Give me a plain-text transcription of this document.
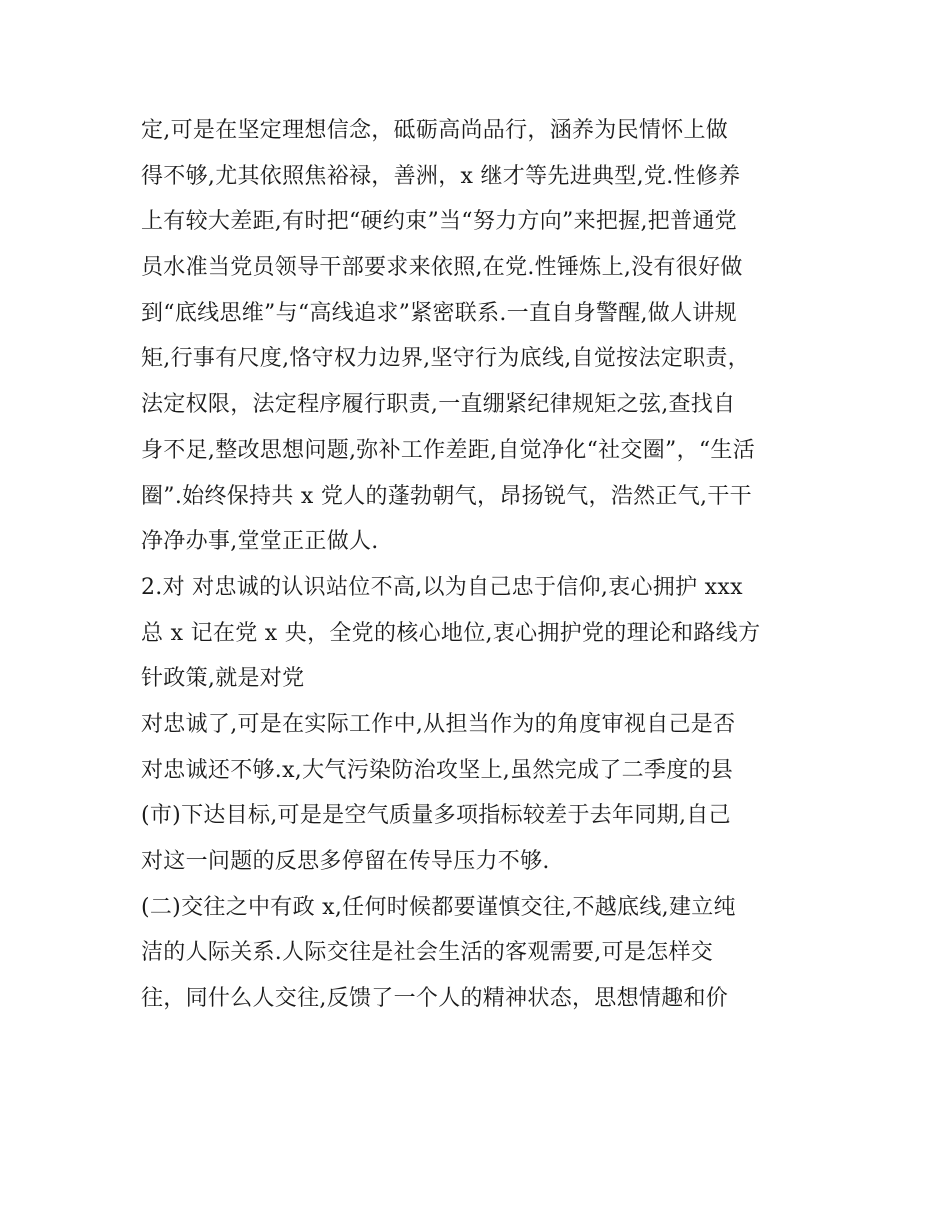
定,可是在坚定理想信念，砥砺高尚品行，涵养为民情怀上做
得不够,尤其依照焦裕禄，善洲，x 继才等先进典型,党.性修养
上有较大差距,有时把“硬约束”当“努力方向”来把握,把普通党
员水准当党员领导干部要求来依照,在党.性锤炼上,没有很好做
到“底线思维”与“高线追求”紧密联系.一直自身警醒,做人讲规
矩,行事有尺度,恪守权力边界,坚守行为底线,自觉按法定职责，
法定权限，法定程序履行职责,一直绷紧纪律规矩之弦,查找自
身不足,整改思想问题,弥补工作差距,自觉净化“社交圈”，“生活
圈”.始终保持共 x 党人的蓬勃朝气，昂扬锐气，浩然正气,干干
净净办事,堂堂正正做人.
2.对 对忠诚的认识站位不高,以为自己忠于信仰,衷心拥护 xxx
总 x 记在党 x 央，全党的核心地位,衷心拥护党的理论和路线方
针政策,就是对党
对忠诚了,可是在实际工作中,从担当作为的角度审视自己是否
对忠诚还不够.x,大气污染防治攻坚上,虽然完成了二季度的县
(市)下达目标,可是是空气质量多项指标较差于去年同期,自己
对这一问题的反思多停留在传导压力不够.
(二)交往之中有政 x,任何时候都要谨慎交往,不越底线,建立纯
洁的人际关系.人际交往是社会生活的客观需要,可是怎样交
往，同什么人交往,反馈了一个人的精神状态，思想情趣和价
